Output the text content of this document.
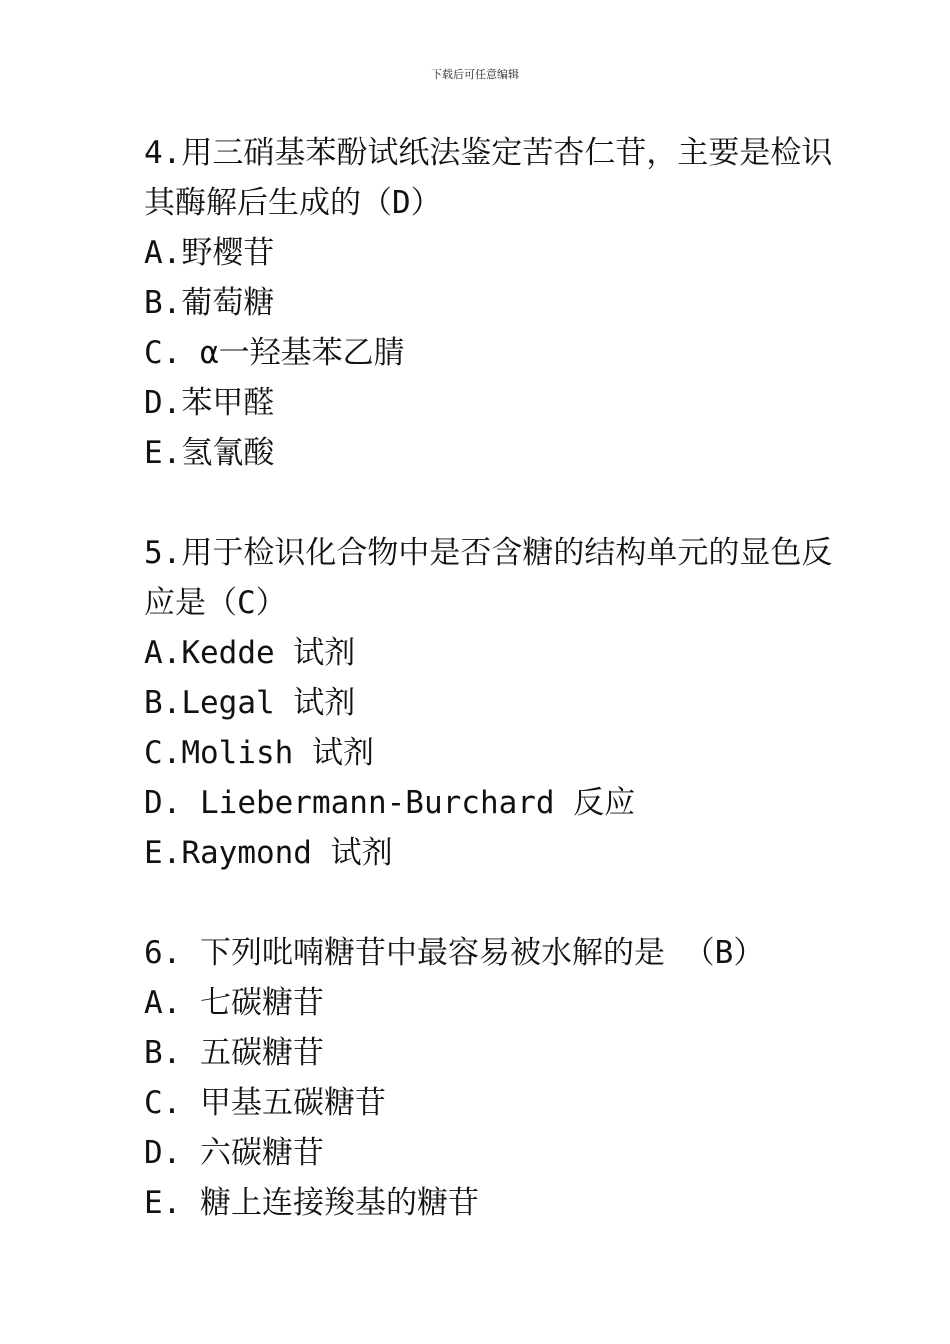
下载后可任意编辑

4.用三硝基苯酚试纸法鉴定苦杏仁苷，主要是检识其酶解后生成的（D）

A.野樱苷

B.葡萄糖

C. α一羟基苯乙腈

D.苯甲醛

E.氢氰酸

5.用于检识化合物中是否含糖的结构单元的显色反应是（C）

A.Kedde 试剂

B.Legal 试剂

C.Molish 试剂

D. Liebermann-Burchard 反应

E.Raymond 试剂

6. 下列吡喃糖苷中最容易被水解的是 （B）

A. 七碳糖苷

B. 五碳糖苷

C. 甲基五碳糖苷

D. 六碳糖苷

E. 糖上连接羧基的糖苷
